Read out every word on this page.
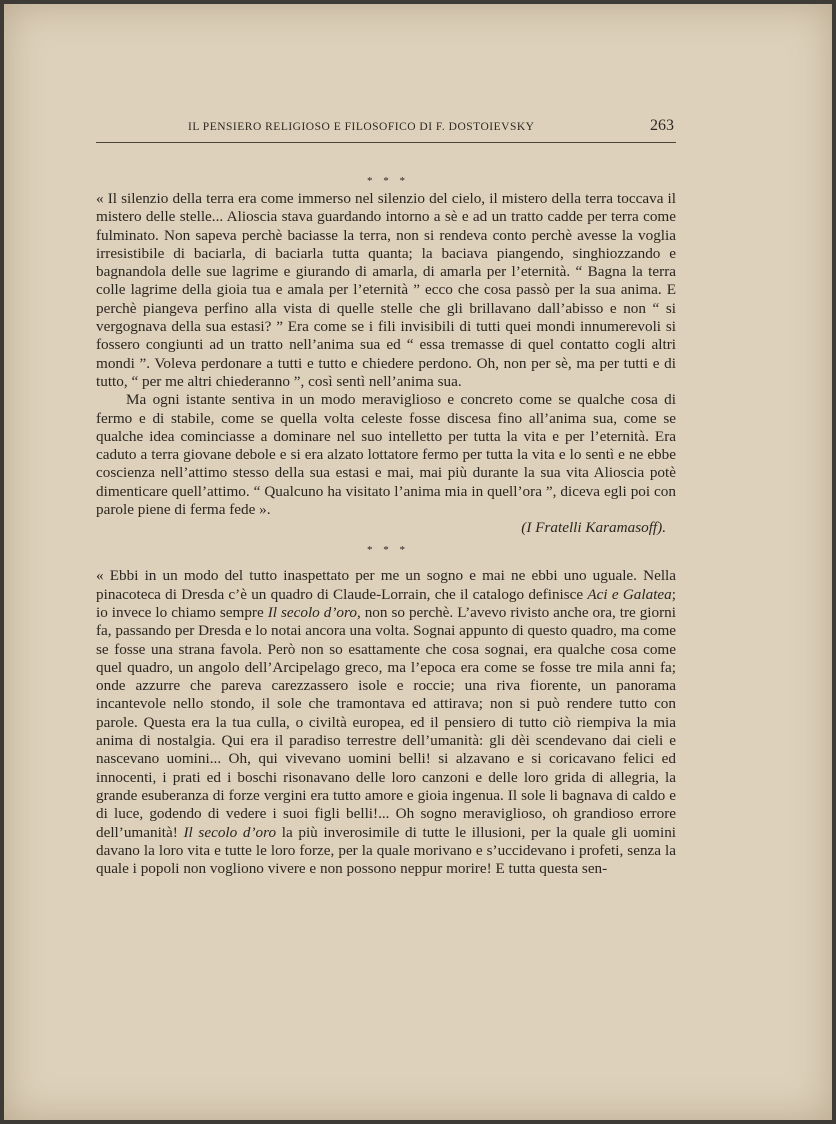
IL PENSIERO RELIGIOSO E FILOSOFICO DI F. DOSTOIEVSKY	263
* * *

« Il silenzio della terra era come immerso nel silenzio del cielo, il mistero della terra toccava il mistero delle stelle... Alioscia stava guardando intorno a sè e ad un tratto cadde per terra come fulminato. Non sapeva perchè baciasse la terra, non si rendeva conto perchè avesse la voglia irresistibile di baciarla, di baciarla tutta quanta; la baciava piangendo, singhiozzando e bagnandola delle sue lagrime e giurando di amarla, di amarla per l’eternità. “ Bagna la terra colle lagrime della gioia tua e amala per l’eternità ” ecco che cosa passò per la sua anima. E perchè piangeva perfino alla vista di quelle stelle che gli brillavano dall’abisso e non “ si vergognava della sua estasi? ” Era come se i fili invisibili di tutti quei mondi innumerevoli si fossero congiunti ad un tratto nell’anima sua ed “ essa tremasse di quel contatto cogli altri mondi ”. Voleva perdonare a tutti e tutto e chiedere perdono. Oh, non per sè, ma per tutti e di tutto, “ per me altri chiederanno ”, così sentì nell’anima sua.

Ma ogni istante sentiva in un modo meraviglioso e concreto come se qualche cosa di fermo e di stabile, come se quella volta celeste fosse discesa fino all’anima sua, come se qualche idea cominciasse a dominare nel suo intelletto per tutta la vita e per l’eternità. Era caduto a terra giovane debole e si era alzato lottatore fermo per tutta la vita e lo sentì e ne ebbe coscienza nell’attimo stesso della sua estasi e mai, mai più durante la sua vita Alioscia potè dimenticare quell’attimo. “ Qualcuno ha visitato l’anima mia in quell’ora ”, diceva egli poi con parole piene di ferma fede ».

(I Fratelli Karamasoff).

* * *

« Ebbi in un modo del tutto inaspettato per me un sogno e mai ne ebbi uno uguale. Nella pinacoteca di Dresda c’è un quadro di Claude-Lorrain, che il catalogo definisce Aci e Galatea; io invece lo chiamo sempre Il secolo d’oro, non so perchè. L’avevo rivisto anche ora, tre giorni fa, passando per Dresda e lo notai ancora una volta. Sognai appunto di questo quadro, ma come se fosse una strana favola. Però non so esattamente che cosa sognai, era qualche cosa come quel quadro, un angolo dell’Arcipelago greco, ma l’epoca era come se fosse tre mila anni fa; onde azzurre che pareva carezzassero isole e roccie; una riva fiorente, un panorama incantevole nello stondo, il sole che tramontava ed attirava; non si può rendere tutto con parole. Questa era la tua culla, o civiltà europea, ed il pensiero di tutto ciò riempiva la mia anima di nostalgia. Qui era il paradiso terrestre dell’umanità: gli dèi scendevano dai cieli e nascevano uomini... Oh, qui vivevano uomini belli! si alzavano e si coricavano felici ed innocenti, i prati ed i boschi risonavano delle loro canzoni e delle loro grida di allegria, la grande esuberanza di forze vergini era tutto amore e gioia ingenua. Il sole li bagnava di caldo e di luce, godendo di vedere i suoi figli belli!... Oh sogno meraviglioso, oh grandioso errore dell’umanità! Il secolo d’oro la più inverosimile di tutte le illusioni, per la quale gli uomini davano la loro vita e tutte le loro forze, per la quale morivano e s’uccidevano i profeti, senza la quale i popoli non vogliono vivere e non possono neppur morire! E tutta questa sen-
